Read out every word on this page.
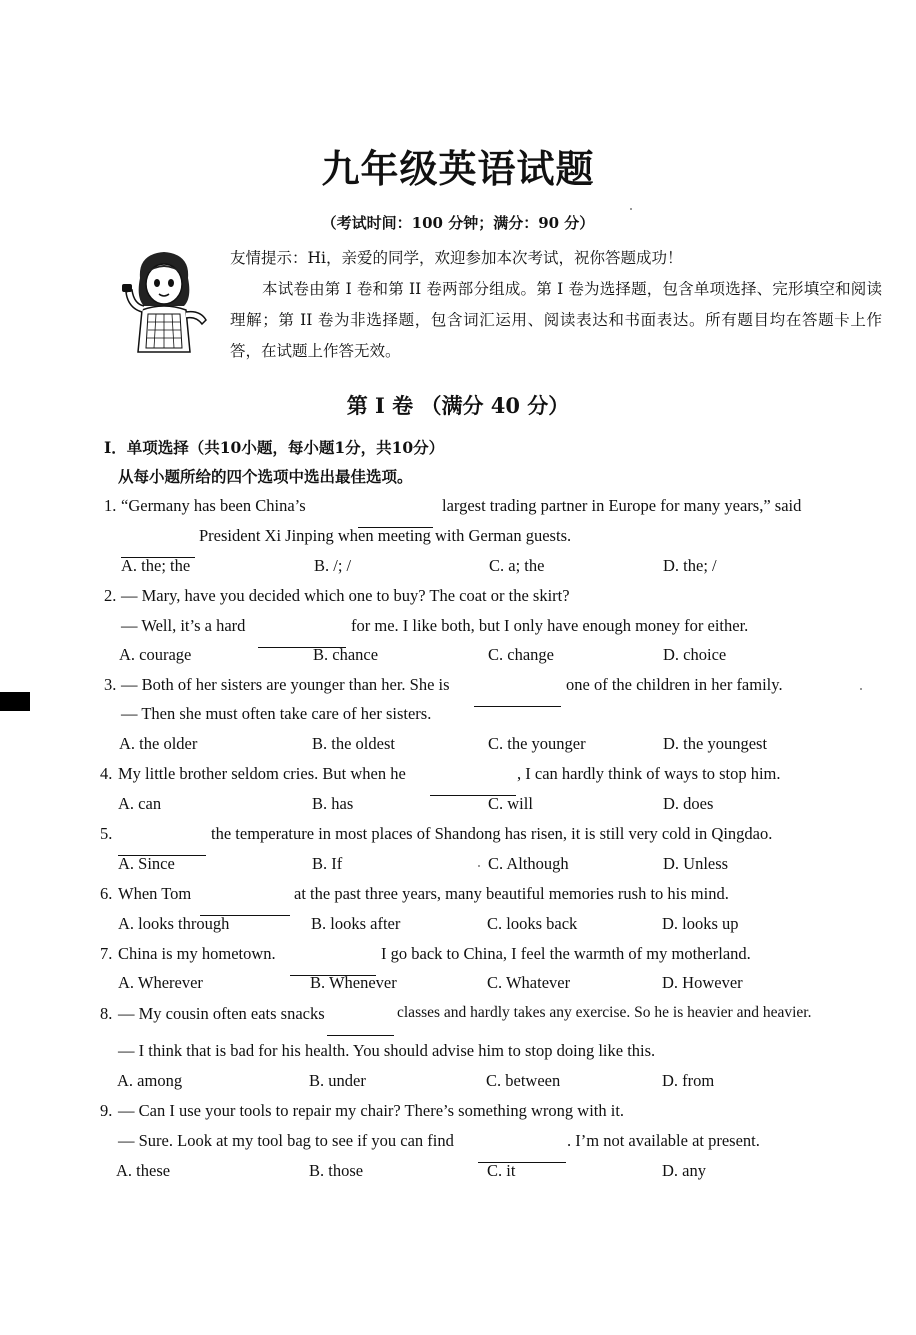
九年级英语试题
（考试时间：100 分钟；满分：90 分）
友情提示：Hi，亲爱的同学，欢迎参加本次考试，祝你答题成功！
本试卷由第 I 卷和第 II 卷两部分组成。第 I 卷为选择题，包含单项选择、完形填空和阅读理解；第 II 卷为非选择题，包含词汇运用、阅读表达和书面表达。所有题目均在答题卡上作答，在试题上作答无效。
第 I 卷 （满分 40 分）
I．单项选择（共10小题，每小题1分，共10分）
从每小题所给的四个选项中选出最佳选项。
1. “Germany has been China’s	largest trading partner in Europe for many years,” said
President Xi Jinping when meeting with German guests.
A. the; the	B. /; /	C. a; the	D. the; /
2. — Mary, have you decided which one to buy? The coat or the skirt?
— Well, it’s a hard	for me. I like both, but I only have enough money for either.
A. courage	B. chance	C. change	D. choice
3. — Both of her sisters are younger than her. She is	one of the children in her family.
— Then she must often take care of her sisters.
A. the older	B. the oldest	C. the younger	D. the youngest
4. My little brother seldom cries. But when he	, I can hardly think of ways to stop him.
A. can	B. has	C. will	D. does
5.	the temperature in most places of Shandong has risen, it is still very cold in Qingdao.
A. Since	B. If	C. Although	D. Unless
6. When Tom	at the past three years, many beautiful memories rush to his mind.
A. looks through	B. looks after	C. looks back	D. looks up
7. China is my hometown.	I go back to China, I feel the warmth of my motherland.
A. Wherever	B. Whenever	C. Whatever	D. However
8. — My cousin often eats snacks	classes and hardly takes any exercise. So he is heavier and heavier.
— I think that is bad for his health. You should advise him to stop doing like this.
A. among	B. under	C. between	D. from
9. — Can I use your tools to repair my chair? There’s something wrong with it.
— Sure. Look at my tool bag to see if you can find	. I’m not available at present.
A. these	B. those	C. it	D. any
